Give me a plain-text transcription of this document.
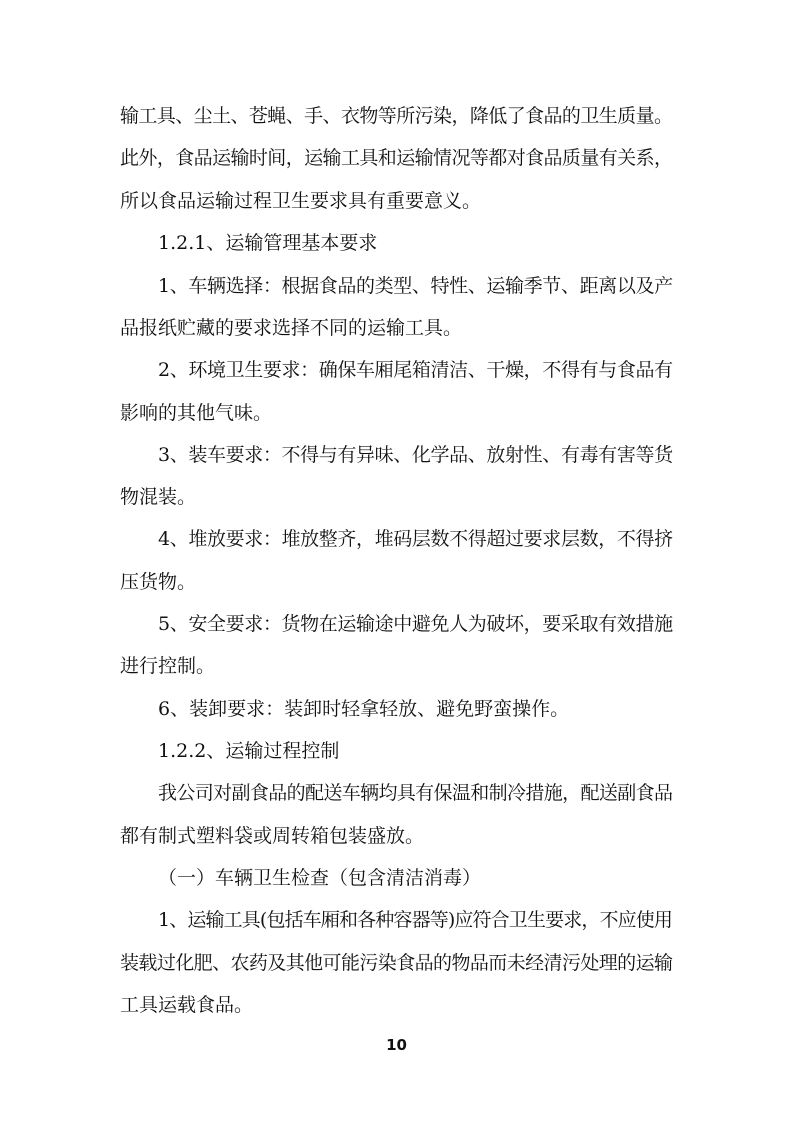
输工具、尘土、苍蝇、手、衣物等所污染，降低了食品的卫生质量。
此外，食品运输时间，运输工具和运输情况等都对食品质量有关系，
所以食品运输过程卫生要求具有重要意义。
1.2.1、运输管理基本要求
1、车辆选择：根据食品的类型、特性、运输季节、距离以及产
品报纸贮藏的要求选择不同的运输工具。
2、环境卫生要求：确保车厢尾箱清洁、干燥，不得有与食品有
影响的其他气味。
3、装车要求：不得与有异味、化学品、放射性、有毒有害等货
物混装。
4、堆放要求：堆放整齐，堆码层数不得超过要求层数，不得挤
压货物。
5、安全要求：货物在运输途中避免人为破坏，要采取有效措施
进行控制。
6、装卸要求：装卸时轻拿轻放、避免野蛮操作。
1.2.2、运输过程控制
我公司对副食品的配送车辆均具有保温和制冷措施，配送副食品
都有制式塑料袋或周转箱包装盛放。
（一）车辆卫生检查（包含清洁消毒）
1、运输工具(包括车厢和各种容器等)应符合卫生要求，不应使用
装载过化肥、农药及其他可能污染食品的物品而未经清污处理的运输
工具运载食品。
10
